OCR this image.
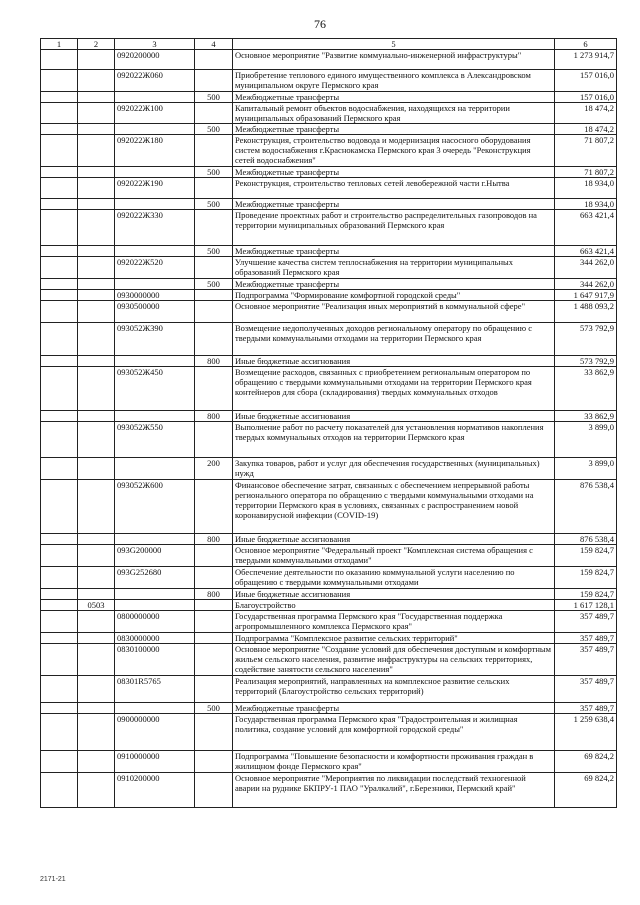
76
1	2	3	4	5	6
		0920200000		Основное мероприятие "Развитие коммунально-инженерной инфраструктуры"	1 273 914,7
		092022Ж060		Приобретение теплового единого имущественного комплекса в Александровском муниципальном округе Пермского края	157 016,0
			500	Межбюджетные трансферты	157 016,0
		092022Ж100		Капитальный ремонт объектов водоснабжения, находящихся на территории муниципальных образований Пермского края	18 474,2
			500	Межбюджетные трансферты	18 474,2
		092022Ж180		Реконструкция, строительство водовода и модернизация насосного оборудования систем водоснабжения г.Краснокамска Пермского края 3 очередь "Реконструкция сетей водоснабжения"	71 807,2
			500	Межбюджетные трансферты	71 807,2
		092022Ж190		Реконструкция, строительство тепловых сетей левобережной части г.Нытва	18 934,0
			500	Межбюджетные трансферты	18 934,0
		092022Ж330		Проведение проектных работ и строительство распределительных газопроводов на территории муниципальных образований Пермского края	663 421,4
			500	Межбюджетные трансферты	663 421,4
		092022Ж520		Улучшение качества систем теплоснабжения на территории муниципальных образований Пермского края	344 262,0
			500	Межбюджетные трансферты	344 262,0
		0930000000		Подпрограмма "Формирование комфортной городской среды"	1 647 917,9
		0930500000		Основное мероприятие "Реализация иных мероприятий в коммунальной сфере"	1 488 093,2
		093052Ж390		Возмещение недополученных доходов региональному оператору по обращению с твердыми коммунальными отходами на территории Пермского края	573 792,9
			800	Иные бюджетные ассигнования	573 792,9
		093052Ж450		Возмещение расходов, связанных с приобретением региональным оператором по обращению с твердыми коммунальными отходами на территории Пермского края контейнеров для сбора (складирования) твердых коммунальных отходов	33 862,9
			800	Иные бюджетные ассигнования	33 862,9
		093052Ж550		Выполнение работ по расчету показателей для установления нормативов накопления твердых коммунальных отходов на территории Пермского края	3 899,0
			200	Закупка товаров, работ и услуг для обеспечения государственных (муниципальных) нужд	3 899,0
		093052Ж600		Финансовое обеспечение затрат, связанных с обеспечением непрерывной работы регионального оператора по обращению с твердыми коммунальными отходами на территории Пермского края в условиях, связанных с распространением новой коронавирусной инфекции (COVID-19)	876 538,4
			800	Иные бюджетные ассигнования	876 538,4
		093G200000		Основное мероприятие "Федеральный проект "Комплексная система обращения с твердыми коммунальными отходами"	159 824,7
		093G252680		Обеспечение деятельности по оказанию коммунальной услуги населению по обращению с твердыми коммунальными отходами	159 824,7
			800	Иные бюджетные ассигнования	159 824,7
	0503			Благоустройство	1 617 128,1
		0800000000		Государственная программа Пермского края "Государственная поддержка агропромышленного комплекса Пермского края"	357 489,7
		0830000000		Подпрограмма "Комплексное развитие сельских территорий"	357 489,7
		0830100000		Основное мероприятие "Создание условий для обеспечения доступным и комфортным жильем сельского населения, развитие инфраструктуры на сельских территориях, содействие занятости сельского населения"	357 489,7
		08301R5765		Реализация мероприятий, направленных на комплексное развитие сельских территорий (Благоустройство сельских территорий)	357 489,7
			500	Межбюджетные трансферты	357 489,7
		0900000000		Государственная программа Пермского края "Градостроительная и жилищная политика, создание условий для комфортной городской среды"	1 259 638,4
		0910000000		Подпрограмма "Повышение безопасности и комфортности проживания граждан в жилищном фонде Пермского края"	69 824,2
		0910200000		Основное мероприятие "Мероприятия по ликвидации последствий техногенной аварии на руднике БКПРУ-1 ПАО "Уралкалий", г.Березники, Пермский край"	69 824,2
2171-21
